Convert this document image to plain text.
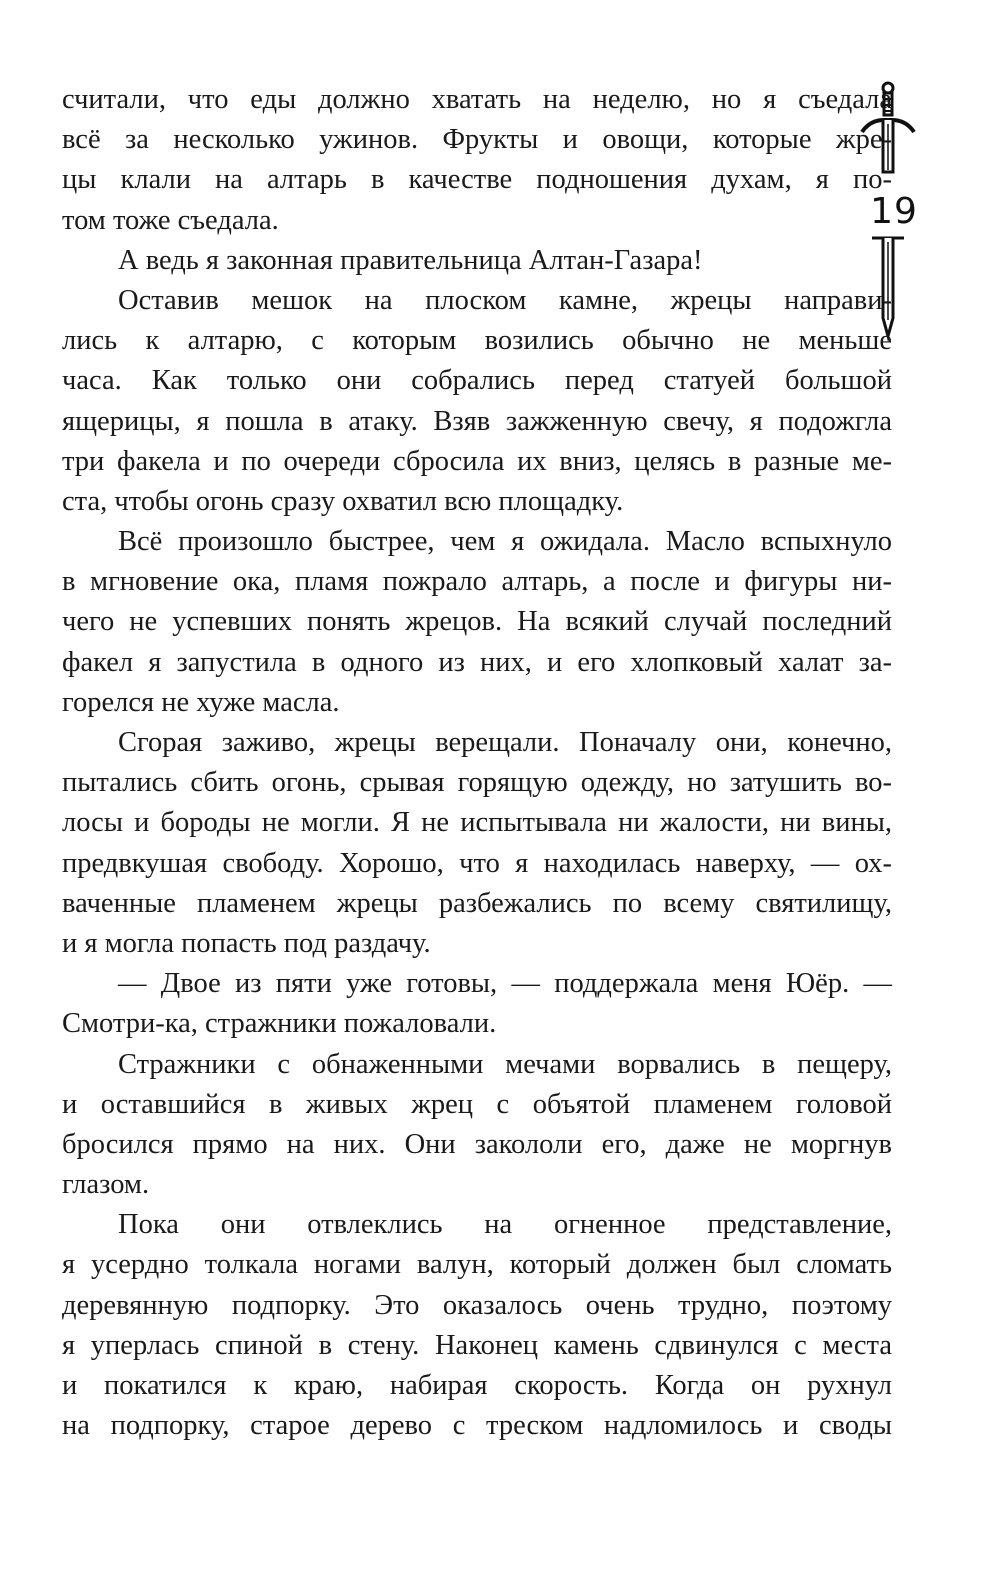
19
считали, что еды должно хватать на неделю, но я съедала
всё за несколько ужинов. Фрукты и овощи, которые жре-
цы клали на алтарь в качестве подношения духам, я по-
том тоже съедала.
А ведь я законная правительница Алтан-Газара!
Оставив мешок на плоском камне, жрецы направи-
лись к алтарю, с которым возились обычно не меньше
часа. Как только они собрались перед статуей большой
ящерицы, я пошла в атаку. Взяв зажженную свечу, я подожгла
три факела и по очереди сбросила их вниз, целясь в разные ме-
ста, чтобы огонь сразу охватил всю площадку.
Всё произошло быстрее, чем я ожидала. Масло вспыхнуло
в мгновение ока, пламя пожрало алтарь, а после и фигуры ни-
чего не успевших понять жрецов. На всякий случай последний
факел я запустила в одного из них, и его хлопковый халат за-
горелся не хуже масла.
Сгорая заживо, жрецы верещали. Поначалу они, конечно,
пытались сбить огонь, срывая горящую одежду, но затушить во-
лосы и бороды не могли. Я не испытывала ни жалости, ни вины,
предвкушая свободу. Хорошо, что я находилась наверху, — ох-
ваченные пламенем жрецы разбежались по всему святилищу,
и я могла попасть под раздачу.
— Двое из пяти уже готовы, — поддержала меня Юёр. —
Смотри-ка, стражники пожаловали.
Стражники с обнаженными мечами ворвались в пещеру,
и оставшийся в живых жрец с объятой пламенем головой
бросился прямо на них. Они закололи его, даже не моргнув
глазом.
Пока они отвлеклись на огненное представление,
я усердно толкала ногами валун, который должен был сломать
деревянную подпорку. Это оказалось очень трудно, поэтому
я уперлась спиной в стену. Наконец камень сдвинулся с места
и покатился к краю, набирая скорость. Когда он рухнул
на подпорку, старое дерево с треском надломилось и своды
